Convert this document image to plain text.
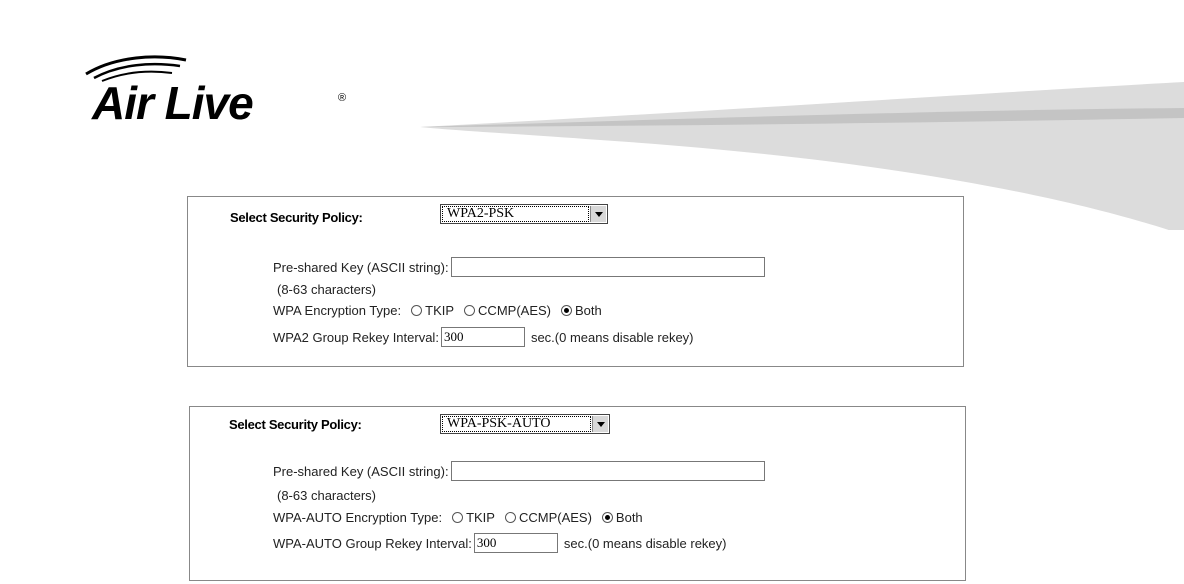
Air Live	®
Select Security Policy:	WPA2-PSK
Pre-shared Key (ASCII string):
(8-63 characters)
WPA Encryption Type: TKIP CCMP(AES) Both
WPA2 Group Rekey Interval: 300	sec.(0 means disable rekey)
Select Security Policy:	WPA-PSK-AUTO
Pre-shared Key (ASCII string):
(8-63 characters)
WPA-AUTO Encryption Type: TKIP CCMP(AES) Both
WPA-AUTO Group Rekey Interval: 300	sec.(0 means disable rekey)
